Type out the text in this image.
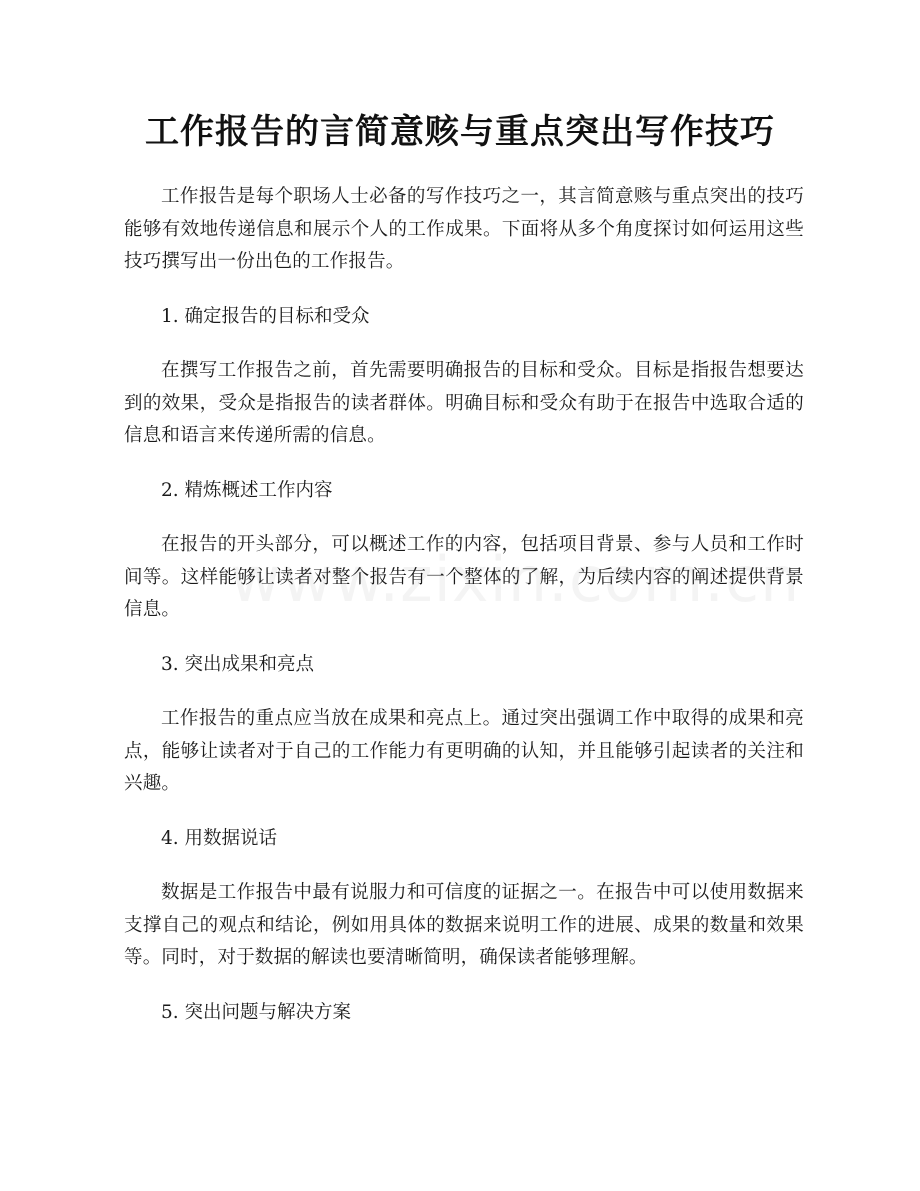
工作报告的言简意赅与重点突出写作技巧

工作报告是每个职场人士必备的写作技巧之一，其言简意赅与重点突出的技巧能够有效地传递信息和展示个人的工作成果。下面将从多个角度探讨如何运用这些技巧撰写出一份出色的工作报告。

1. 确定报告的目标和受众

在撰写工作报告之前，首先需要明确报告的目标和受众。目标是指报告想要达到的效果，受众是指报告的读者群体。明确目标和受众有助于在报告中选取合适的信息和语言来传递所需的信息。

2. 精炼概述工作内容

在报告的开头部分，可以概述工作的内容，包括项目背景、参与人员和工作时间等。这样能够让读者对整个报告有一个整体的了解，为后续内容的阐述提供背景信息。

3. 突出成果和亮点

工作报告的重点应当放在成果和亮点上。通过突出强调工作中取得的成果和亮点，能够让读者对于自己的工作能力有更明确的认知，并且能够引起读者的关注和兴趣。

4. 用数据说话

数据是工作报告中最有说服力和可信度的证据之一。在报告中可以使用数据来支撑自己的观点和结论，例如用具体的数据来说明工作的进展、成果的数量和效果等。同时，对于数据的解读也要清晰简明，确保读者能够理解。

5. 突出问题与解决方案
